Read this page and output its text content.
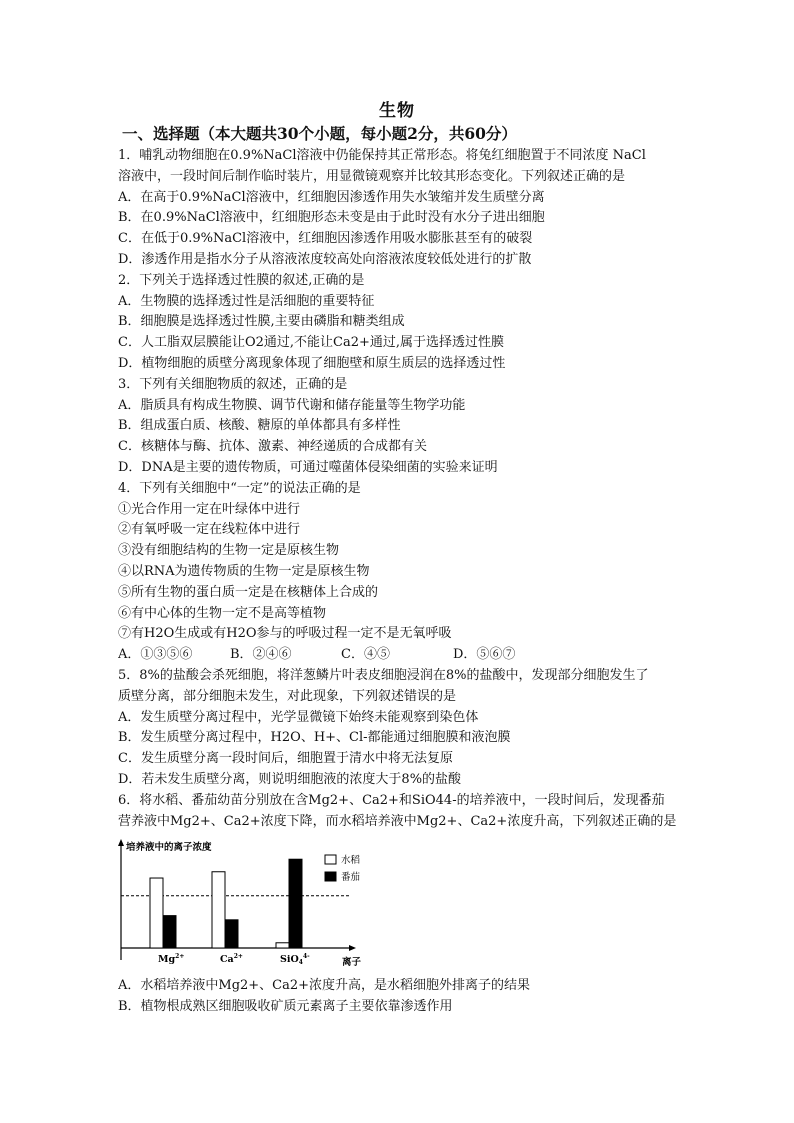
生物
一、选择题（本大题共30个小题，每小题2分，共60分）
1．哺乳动物细胞在0.9%NaCl溶液中仍能保持其正常形态。将兔红细胞置于不同浓度 NaCl
溶液中，一段时间后制作临时装片，用显微镜观察并比较其形态变化。下列叙述正确的是
A．在高于0.9%NaCl溶液中，红细胞因渗透作用失水皱缩并发生质壁分离
B．在0.9%NaCl溶液中，红细胞形态未变是由于此时没有水分子进出细胞
C．在低于0.9%NaCl溶液中，红细胞因渗透作用吸水膨胀甚至有的破裂
D．渗透作用是指水分子从溶液浓度较高处向溶液浓度较低处进行的扩散
2．下列关于选择透过性膜的叙述,正确的是
A．生物膜的选择透过性是活细胞的重要特征
B．细胞膜是选择透过性膜,主要由磷脂和糖类组成
C．人工脂双层膜能让O2通过,不能让Ca2+通过,属于选择透过性膜
D．植物细胞的质壁分离现象体现了细胞壁和原生质层的选择透过性
3．下列有关细胞物质的叙述，正确的是
A．脂质具有构成生物膜、调节代谢和储存能量等生物学功能
B．组成蛋白质、核酸、糖原的单体都具有多样性
C．核糖体与酶、抗体、激素、神经递质的合成都有关
D．DNA是主要的遗传物质，可通过噬菌体侵染细菌的实验来证明
4．下列有关细胞中“一定”的说法正确的是
①光合作用一定在叶绿体中进行
②有氧呼吸一定在线粒体中进行
③没有细胞结构的生物一定是原核生物
④以RNA为遗传物质的生物一定是原核生物
⑤所有生物的蛋白质一定是在核糖体上合成的
⑥有中心体的生物一定不是高等植物
⑦有H2O生成或有H2O参与的呼吸过程一定不是无氧呼吸
A．①③⑤⑥	B．②④⑥	C．④⑤	D．⑤⑥⑦
5．8%的盐酸会杀死细胞，将洋葱鳞片叶表皮细胞浸润在8%的盐酸中，发现部分细胞发生了
质壁分离，部分细胞未发生，对此现象，下列叙述错误的是
A．发生质壁分离过程中，光学显微镜下始终未能观察到染色体
B．发生质壁分离过程中，H2O、H+、Cl-都能通过细胞膜和液泡膜
C．发生质壁分离一段时间后，细胞置于清水中将无法复原
D．若未发生质壁分离，则说明细胞液的浓度大于8%的盐酸
6．将水稻、番茄幼苗分别放在含Mg2+、Ca2+和SiO44-的培养液中，一段时间后，发现番茄
营养液中Mg2+、Ca2+浓度下降，而水稻培养液中Mg2+、Ca2+浓度升高，下列叙述正确的是
培养液中的离子浓度
离子
水稻
番茄
$Mg^{2+}$	$Ca^{2+}$	SiO$_4^{4-}$
A．水稻培养液中Mg2+、Ca2+浓度升高，是水稻细胞外排离子的结果
B．植物根成熟区细胞吸收矿质元素离子主要依靠渗透作用
